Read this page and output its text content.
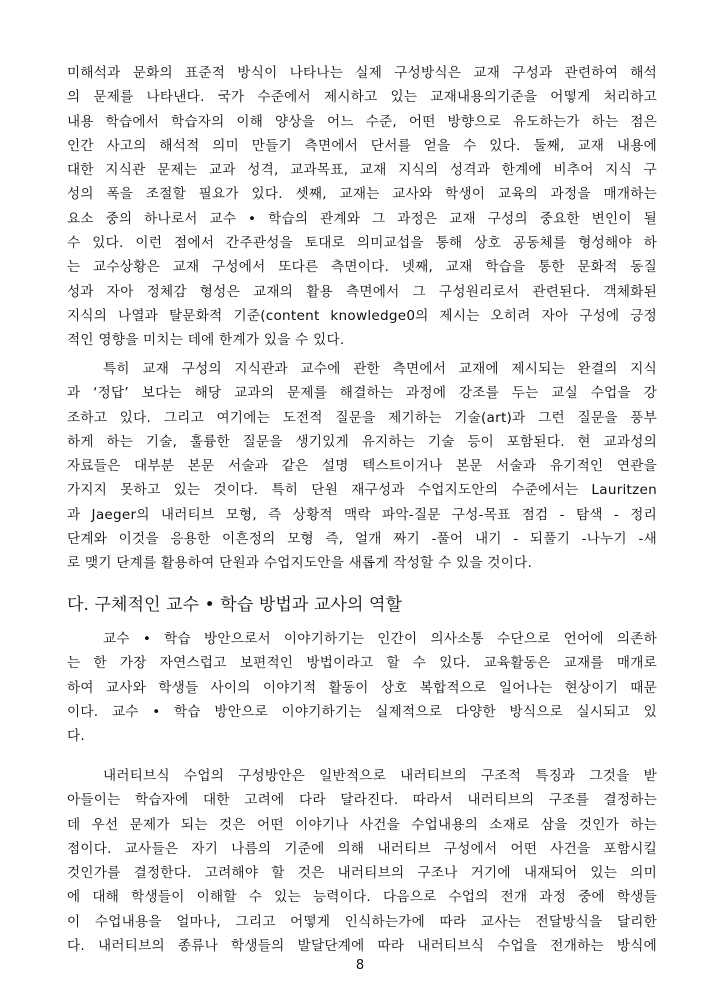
미해석과 문화의 표준적 방식이 나타나는 실제 구성방식은 교재 구성과 관련하여 해석
의 문제를 나타낸다. 국가 수준에서 제시하고 있는 교재내용의기준을 어떻게 처리하고
내용 학습에서 학습자의 이해 양상을 어느 수준, 어떤 방향으로 유도하는가 하는 점은
인간 사고의 해석적 의미 만들기 측면에서 단서를 얻을 수 있다. 둘째, 교재 내용에
대한 지식관 문제는 교과 성격, 교과목표, 교재 지식의 성격과 한계에 비추어 지식 구
성의 폭을 조절할 필요가 있다. 셋째, 교재는 교사와 학생이 교육의 과정을 매개하는
요소 중의 하나로서 교수 • 학습의 관계와 그 과정은 교재 구성의 중요한 변인이 될
수 있다. 이런 점에서 간주관성을 토대로 의미교섭을 통해 상호 공동체를 형성해야 하
는 교수상황은 교재 구성에서 또다른 측면이다. 넷째, 교재 학습을 통한 문화적 동질
성과 자아 정체감 형성은 교재의 활용 측면에서 그 구성원리로서 관련된다. 객체화된
지식의 나열과 탈문화적 기준(content knowledge0의 제시는 오히려 자아 구성에 긍정
적인 영향을 미치는 데에 한계가 있을 수 있다.
특히 교재 구성의 지식관과 교수에 관한 측면에서 교재에 제시되는 완결의 지식
과 ‘정답’ 보다는 해당 교과의 문제를 해결하는 과정에 강조를 두는 교실 수업을 강
조하고 있다. 그리고 여기에는 도전적 질문을 제기하는 기술(art)과 그런 질문을 풍부
하게 하는 기술, 훌륭한 질문을 생기있게 유지하는 기술 등이 포함된다. 현 교과성의
자료들은 대부분 본문 서술과 같은 설명 텍스트이거나 본문 서술과 유기적인 연관을
가지지 못하고 있는 것이다. 특히 단원 재구성과 수업지도안의 수준에서는 Lauritzen
과 Jaeger의 내러티브 모형, 즉 상황적 맥락 파악-질문 구성-목표 점검 - 탐색 - 정리
단계와 이것을 응용한 이흔정의 모형 즉, 얼개 짜기 -풀어 내기 - 되풀기 -나누기 -새
로 맺기 단계를 활용하여 단원과 수업지도안을 새롭게 작성할 수 있을 것이다.
다. 구체적인 교수 • 학습 방법과 교사의 역할
교수 • 학습 방안으로서 이야기하기는 인간이 의사소통 수단으로 언어에 의존하
는 한 가장 자연스럽고 보편적인 방법이라고 할 수 있다. 교육활동은 교재를 매개로
하여 교사와 학생들 사이의 이야기적 활동이 상호 복합적으로 일어나는 현상이기 때문
이다. 교수 • 학습 방안으로 이야기하기는 실제적으로 다양한 방식으로 실시되고 있
다.
내러티브식 수업의 구성방안은 일반적으로 내러티브의 구조적 특징과 그것을 받
아들이는 학습자에 대한 고려에 다라 달라진다. 따라서 내러티브의 구조를 결정하는
데 우선 문제가 되는 것은 어떤 이야기나 사건을 수업내용의 소재로 삼을 것인가 하는
점이다. 교사들은 자기 나름의 기준에 의해 내러티브 구성에서 어떤 사건을 포함시킬
것인가를 결정한다. 고려해야 할 것은 내러티브의 구조나 거기에 내재되어 있는 의미
에 대해 학생들이 이해할 수 있는 능력이다. 다음으로 수업의 전개 과정 중에 학생들
이 수업내용을 얼마나, 그리고 어떻게 인식하는가에 따라 교사는 전달방식을 달리한
다. 내러티브의 종류나 학생들의 발달단계에 따라 내러티브식 수업을 전개하는 방식에
8
